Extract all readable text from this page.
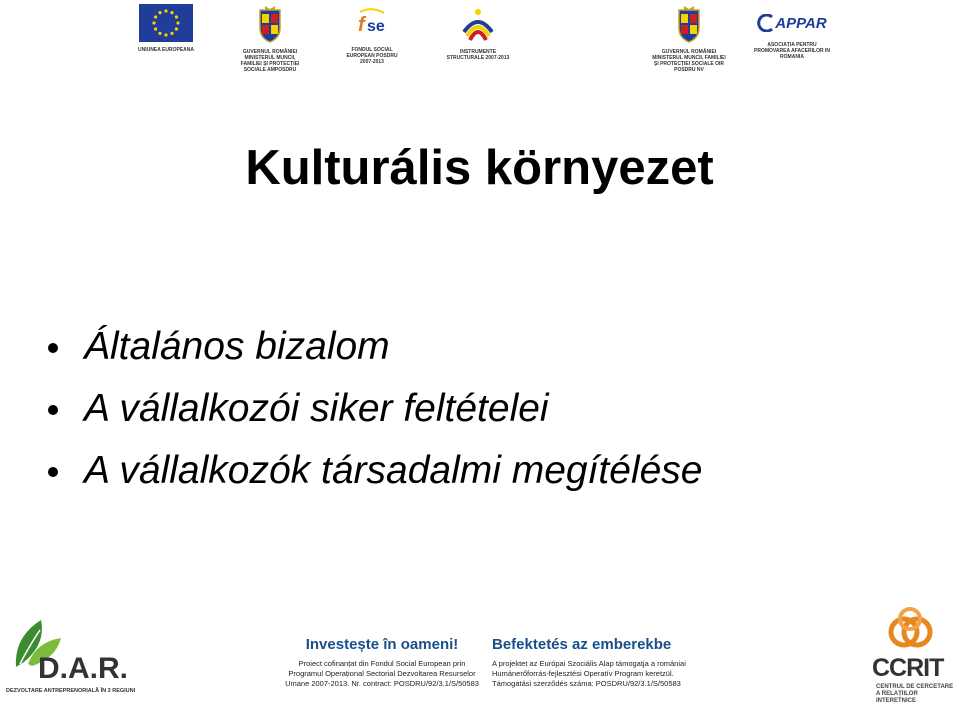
UNIUNEA EUROPEANA	GUVERNUL ROMÂNIEI MINISTERUL MUNCII, FAMILIEI ȘI PROTECȚIEI SOCIALE AMPOSDRU
f se
FONDUL SOCIAL EUROPEAN POSDRU 2007-2013
INSTRUMENTE STRUCTURALE 2007-2013
GUVERNUL ROMÂNIEI MINISTERUL MUNCII, FAMILIEI ȘI PROTECȚIEI SOCIALE OIR POSDRU NV
APPAR
ASOCIAȚIA PENTRU PROMOVAREA AFACERILOR IN ROMANIA
Kulturális környezet
Általános bizalom
A vállalkozói siker feltételei
A vállalkozók társadalmi megítélése
D.A.R.
DEZVOLTARE ANTREPRENORIALĂ ÎN 3 REGIUNI
Investește în oameni!
Proiect cofinanțat din Fondul Social European prin
Programul Operațional Sectorial Dezvoltarea Resurselor
Umane 2007-2013. Nr. contract: POSDRU/92/3.1/S/50583
Befektetés az emberekbe
A projektet az Európai Szociális Alap támogatja a romániai
Humánerőforrás-fejlesztési Operatív Program keretzül.
Támogatási szerződés száma: POSDRU/92/3.1/S/50583
CCRIT
CENTRUL DE CERCETARE
A RELAȚIILOR INTERETNICE
